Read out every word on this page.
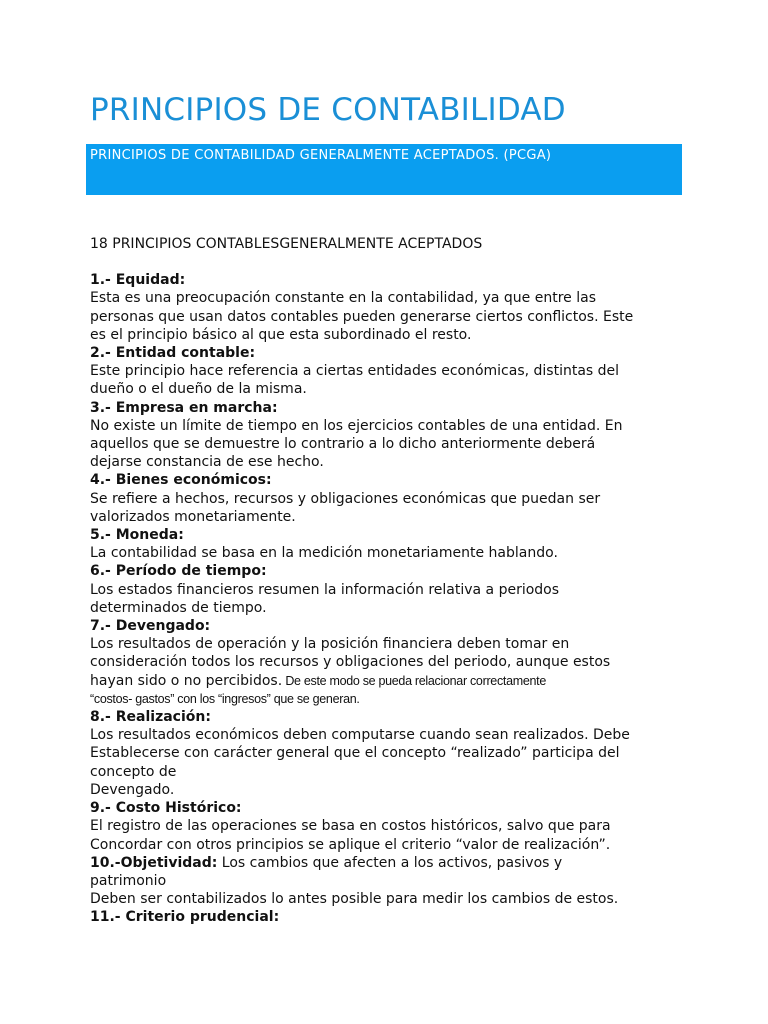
PRINCIPIOS DE CONTABILIDAD
PRINCIPIOS DE CONTABILIDAD GENERALMENTE ACEPTADOS. (PCGA)
18 PRINCIPIOS CONTABLESGENERALMENTE ACEPTADOS
1.- Equidad:
Esta es una preocupación constante en la contabilidad, ya que entre las
personas que usan datos contables pueden generarse ciertos conflictos. Este
es el principio básico al que esta subordinado el resto.
2.- Entidad contable:
Este principio hace referencia a ciertas entidades económicas, distintas del
dueño o el dueño de la misma.
3.- Empresa en marcha:
No existe un límite de tiempo en los ejercicios contables de una entidad. En
aquellos que se demuestre lo contrario a lo dicho anteriormente deberá
dejarse constancia de ese hecho.
4.- Bienes económicos:
Se refiere a hechos, recursos y obligaciones económicas que puedan ser
valorizados monetariamente.
5.- Moneda:
La contabilidad se basa en la medición monetariamente hablando.
6.- Período de tiempo:
Los estados financieros resumen la información relativa a periodos
determinados de tiempo.
7.- Devengado:
Los resultados de operación y la posición financiera deben tomar en
consideración todos los recursos y obligaciones del periodo, aunque estos
hayan sido o no percibidos. De este modo se pueda relacionar correctamente
“costos- gastos” con los “ingresos” que se generan.
8.- Realización:
Los resultados económicos deben computarse cuando sean realizados. Debe
Establecerse con carácter general que el concepto “realizado” participa del
concepto de
Devengado.
9.- Costo Histórico:
El registro de las operaciones se basa en costos históricos, salvo que para
Concordar con otros principios se aplique el criterio “valor de realización”.
10.-Objetividad: Los cambios que afecten a los activos, pasivos y
patrimonio
Deben ser contabilizados lo antes posible para medir los cambios de estos.
11.- Criterio prudencial:
